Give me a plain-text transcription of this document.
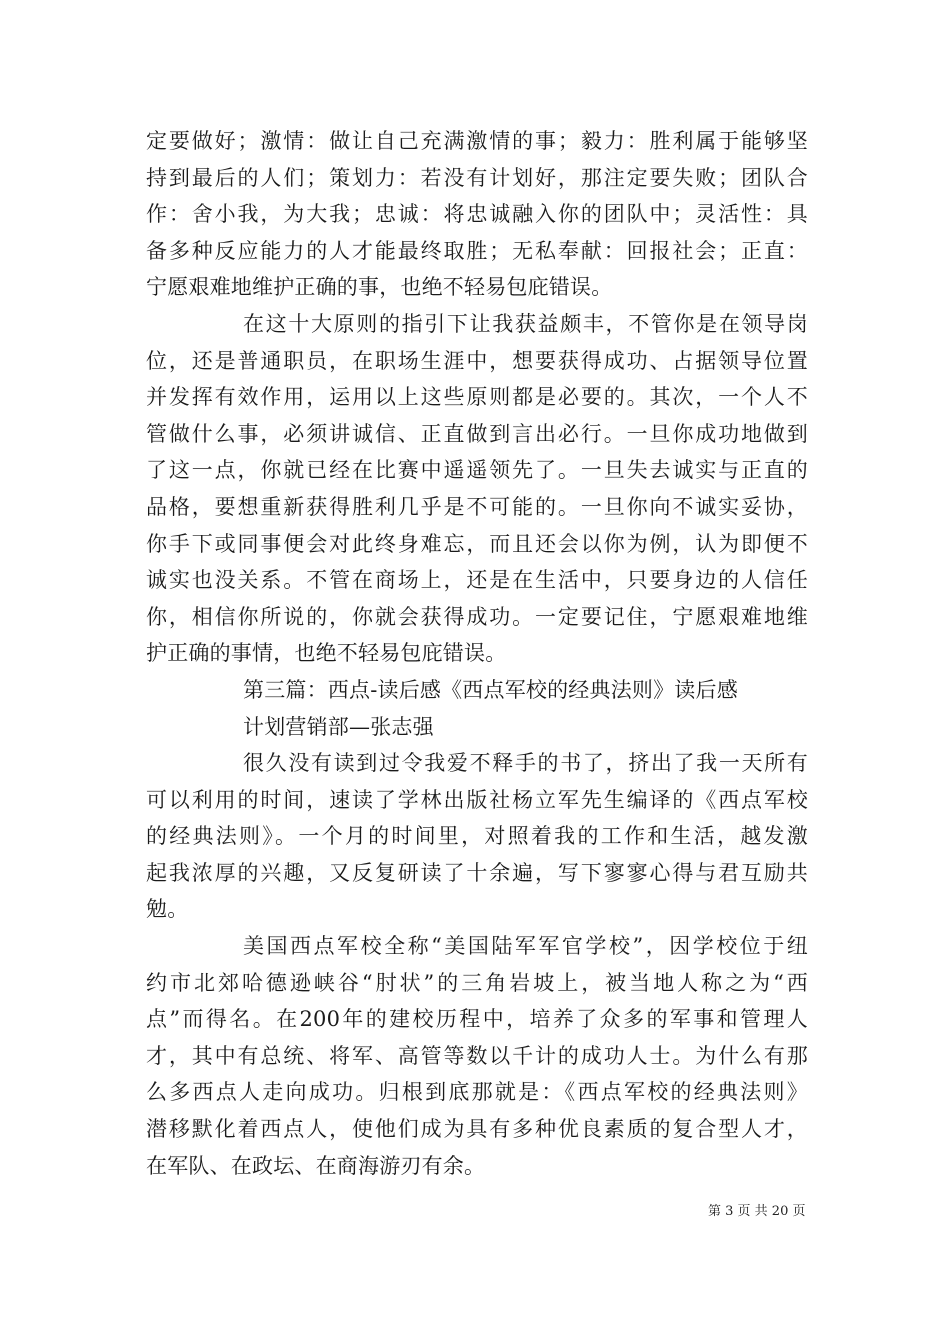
定要做好；激情：做让自己充满激情的事；毅力：胜利属于能够坚
持到最后的人们；策划力：若没有计划好，那注定要失败；团队合
作：舍小我，为大我；忠诚：将忠诚融入你的团队中；灵活性：具
备多种反应能力的人才能最终取胜；无私奉献：回报社会；正直：
宁愿艰难地维护正确的事，也绝不轻易包庇错误。
在这十大原则的指引下让我获益颇丰，不管你是在领导岗
位，还是普通职员，在职场生涯中，想要获得成功、占据领导位置
并发挥有效作用，运用以上这些原则都是必要的。其次，一个人不
管做什么事，必须讲诚信、正直做到言出必行。一旦你成功地做到
了这一点，你就已经在比赛中遥遥领先了。一旦失去诚实与正直的
品格，要想重新获得胜利几乎是不可能的。一旦你向不诚实妥协，
你手下或同事便会对此终身难忘，而且还会以你为例，认为即便不
诚实也没关系。不管在商场上，还是在生活中，只要身边的人信任
你，相信你所说的，你就会获得成功。一定要记住，宁愿艰难地维
护正确的事情，也绝不轻易包庇错误。
第三篇：西点-读后感《西点军校的经典法则》读后感
计划营销部—张志强
很久没有读到过令我爱不释手的书了，挤出了我一天所有
可以利用的时间，速读了学林出版社杨立军先生编译的《西点军校
的经典法则》。一个月的时间里，对照着我的工作和生活，越发激
起我浓厚的兴趣，又反复研读了十余遍，写下寥寥心得与君互励共
勉。
美国西点军校全称“美国陆军军官学校”，因学校位于纽
约市北郊哈德逊峡谷“肘状”的三角岩坡上，被当地人称之为“西
点”而得名。在200年的建校历程中，培养了众多的军事和管理人
才，其中有总统、将军、高管等数以千计的成功人士。为什么有那
么多西点人走向成功。归根到底那就是：《西点军校的经典法则》
潜移默化着西点人，使他们成为具有多种优良素质的复合型人才，
在军队、在政坛、在商海游刃有余。
第 3 页 共 20 页
